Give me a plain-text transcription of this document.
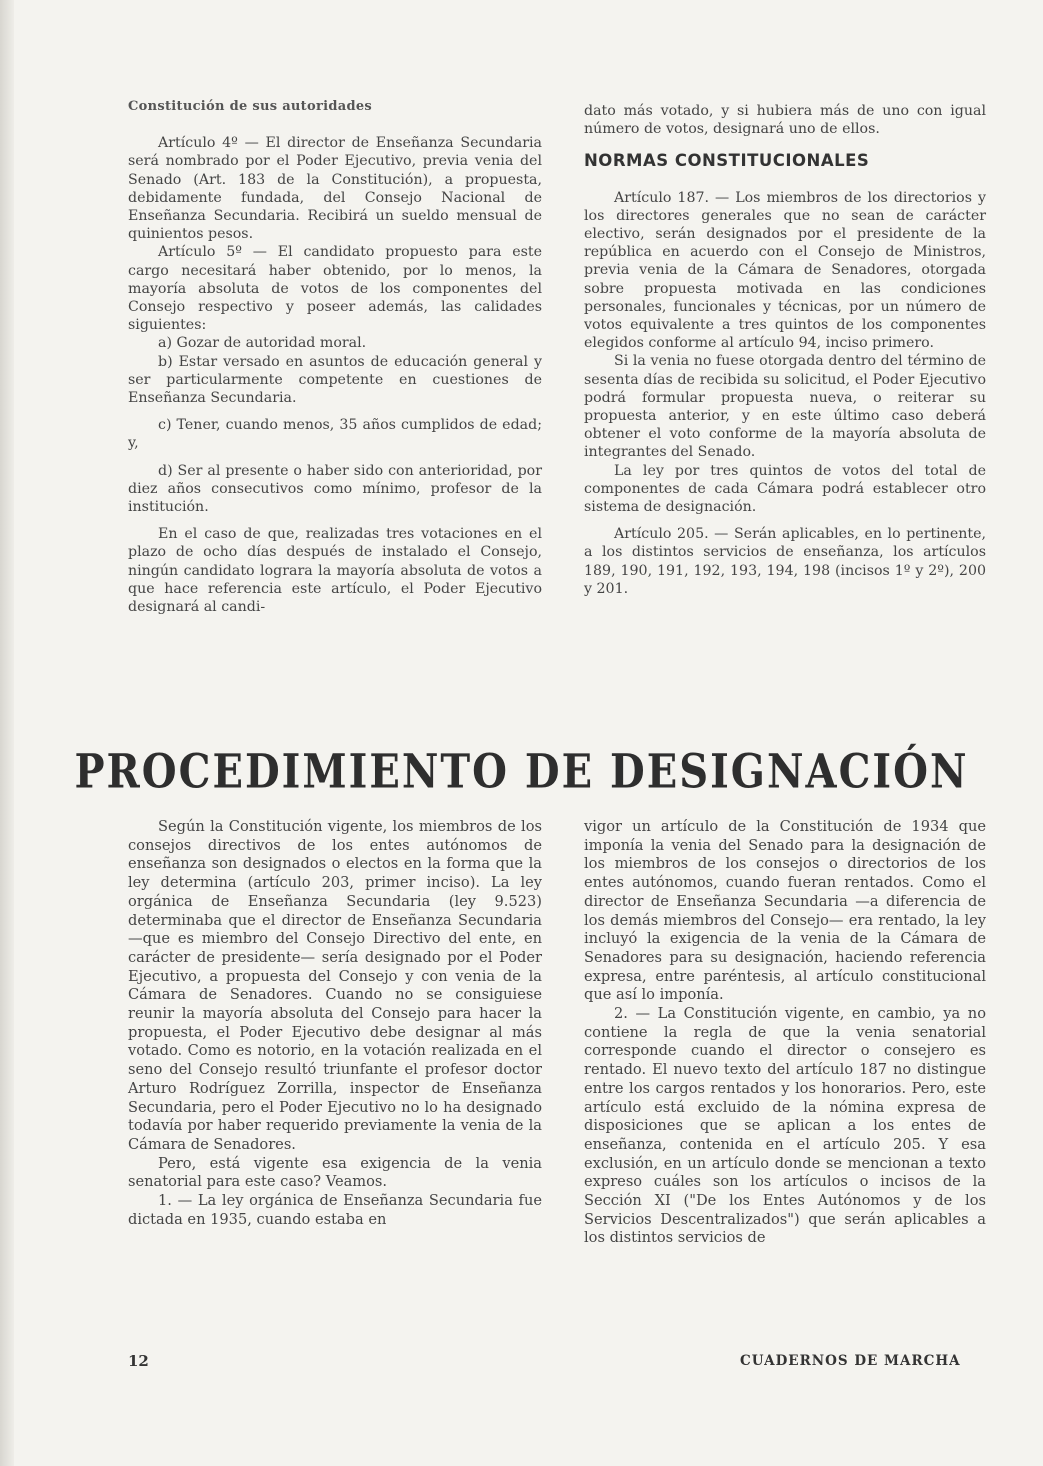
Constitución de sus autoridades

Artículo 4º — El director de Enseñanza Secundaria será nombrado por el Poder Ejecutivo, previa venia del Senado (Art. 183 de la Constitución), a propuesta, debidamente fundada, del Consejo Nacional de Enseñanza Secundaria. Recibirá un sueldo mensual de quinientos pesos.

Artículo 5º — El candidato propuesto para este cargo necesitará haber obtenido, por lo menos, la mayoría absoluta de votos de los componentes del Consejo respectivo y poseer además, las calidades siguientes:

a) Gozar de autoridad moral.

b) Estar versado en asuntos de educación general y ser particularmente competente en cuestiones de Enseñanza Secundaria.

c) Tener, cuando menos, 35 años cumplidos de edad; y,

d) Ser al presente o haber sido con anterioridad, por diez años consecutivos como mínimo, profesor de la institución.

En el caso de que, realizadas tres votaciones en el plazo de ocho días después de instalado el Consejo, ningún candidato lograra la mayoría absoluta de votos a que hace referencia este artículo, el Poder Ejecutivo designará al candi-

dato más votado, y si hubiera más de uno con igual número de votos, designará uno de ellos.

NORMAS CONSTITUCIONALES

Artículo 187. — Los miembros de los directorios y los directores generales que no sean de carácter electivo, serán designados por el presidente de la república en acuerdo con el Consejo de Ministros, previa venia de la Cámara de Senadores, otorgada sobre propuesta motivada en las condiciones personales, funcionales y técnicas, por un número de votos equivalente a tres quintos de los componentes elegidos conforme al artículo 94, inciso primero.

Si la venia no fuese otorgada dentro del término de sesenta días de recibida su solicitud, el Poder Ejecutivo podrá formular propuesta nueva, o reiterar su propuesta anterior, y en este último caso deberá obtener el voto conforme de la mayoría absoluta de integrantes del Senado.

La ley por tres quintos de votos del total de componentes de cada Cámara podrá establecer otro sistema de designación.

Artículo 205. — Serán aplicables, en lo pertinente, a los distintos servicios de enseñanza, los artículos 189, 190, 191, 192, 193, 194, 198 (incisos 1º y 2º), 200 y 201.

PROCEDIMIENTO DE DESIGNACIÓN

Según la Constitución vigente, los miembros de los consejos directivos de los entes autónomos de enseñanza son designados o electos en la forma que la ley determina (artículo 203, primer inciso). La ley orgánica de Enseñanza Secundaria (ley 9.523) determinaba que el director de Enseñanza Secundaria —que es miembro del Consejo Directivo del ente, en carácter de presidente— sería designado por el Poder Ejecutivo, a propuesta del Consejo y con venia de la Cámara de Senadores. Cuando no se consiguiese reunir la mayoría absoluta del Consejo para hacer la propuesta, el Poder Ejecutivo debe designar al más votado. Como es notorio, en la votación realizada en el seno del Consejo resultó triunfante el profesor doctor Arturo Rodríguez Zorrilla, inspector de Enseñanza Secundaria, pero el Poder Ejecutivo no lo ha designado todavía por haber requerido previamente la venia de la Cámara de Senadores.

Pero, está vigente esa exigencia de la venia senatorial para este caso? Veamos.

1. — La ley orgánica de Enseñanza Secundaria fue dictada en 1935, cuando estaba en

vigor un artículo de la Constitución de 1934 que imponía la venia del Senado para la designación de los miembros de los consejos o directorios de los entes autónomos, cuando fueran rentados. Como el director de Enseñanza Secundaria —a diferencia de los demás miembros del Consejo— era rentado, la ley incluyó la exigencia de la venia de la Cámara de Senadores para su designación, haciendo referencia expresa, entre paréntesis, al artículo constitucional que así lo imponía.

2. — La Constitución vigente, en cambio, ya no contiene la regla de que la venia senatorial corresponde cuando el director o consejero es rentado. El nuevo texto del artículo 187 no distingue entre los cargos rentados y los honorarios. Pero, este artículo está excluido de la nómina expresa de disposiciones que se aplican a los entes de enseñanza, contenida en el artículo 205. Y esa exclusión, en un artículo donde se mencionan a texto expreso cuáles son los artículos o incisos de la Sección XI ("De los Entes Autónomos y de los Servicios Descentralizados") que serán aplicables a los distintos servicios de

12	CUADERNOS DE MARCHA
